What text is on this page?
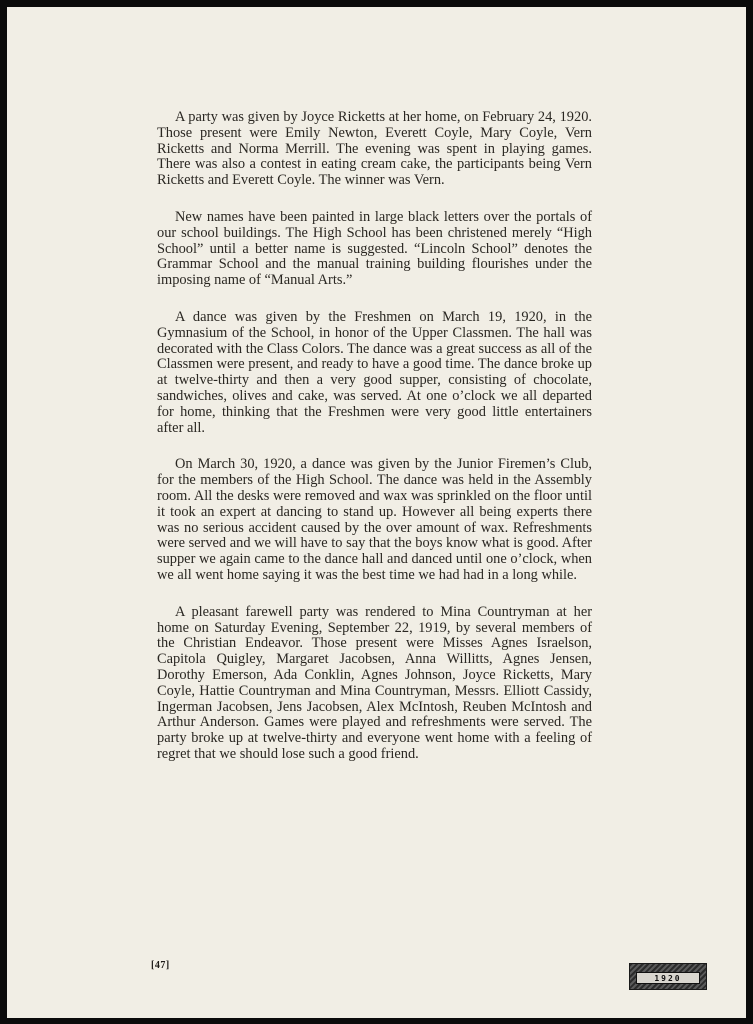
A party was given by Joyce Ricketts at her home, on February 24, 1920. Those present were Emily Newton, Everett Coyle, Mary Coyle, Vern Ricketts and Norma Merrill. The evening was spent in playing games. There was also a contest in eating cream cake, the participants being Vern Ricketts and Everett Coyle. The winner was Vern.

New names have been painted in large black letters over the portals of our school buildings. The High School has been christened merely “High School” until a better name is suggested. “Lincoln School” denotes the Grammar School and the manual training building flourishes under the imposing name of “Manual Arts.”

A dance was given by the Freshmen on March 19, 1920, in the Gymnasium of the School, in honor of the Upper Classmen. The hall was decorated with the Class Colors. The dance was a great success as all of the Classmen were present, and ready to have a good time. The dance broke up at twelve-thirty and then a very good supper, consisting of chocolate, sandwiches, olives and cake, was served. At one o’clock we all departed for home, thinking that the Freshmen were very good little entertainers after all.

On March 30, 1920, a dance was given by the Junior Firemen’s Club, for the members of the High School. The dance was held in the Assembly room. All the desks were removed and wax was sprinkled on the floor until it took an expert at dancing to stand up. However all being experts there was no serious accident caused by the over amount of wax. Refreshments were served and we will have to say that the boys know what is good. After supper we again came to the dance hall and danced until one o’clock, when we all went home saying it was the best time we had had in a long while.

A pleasant farewell party was rendered to Mina Countryman at her home on Saturday Evening, September 22, 1919, by several members of the Christian Endeavor. Those present were Misses Agnes Israelson, Capitola Quigley, Margaret Jacobsen, Anna Willitts, Agnes Jensen, Dorothy Emerson, Ada Conklin, Agnes Johnson, Joyce Ricketts, Mary Coyle, Hattie Countryman and Mina Countryman, Messrs. Elliott Cassidy, Ingerman Jacobsen, Jens Jacobsen, Alex McIntosh, Reuben McIntosh and Arthur Anderson. Games were played and refreshments were served. The party broke up at twelve-thirty and everyone went home with a feeling of regret that we should lose such a good friend.

[47]
1920
